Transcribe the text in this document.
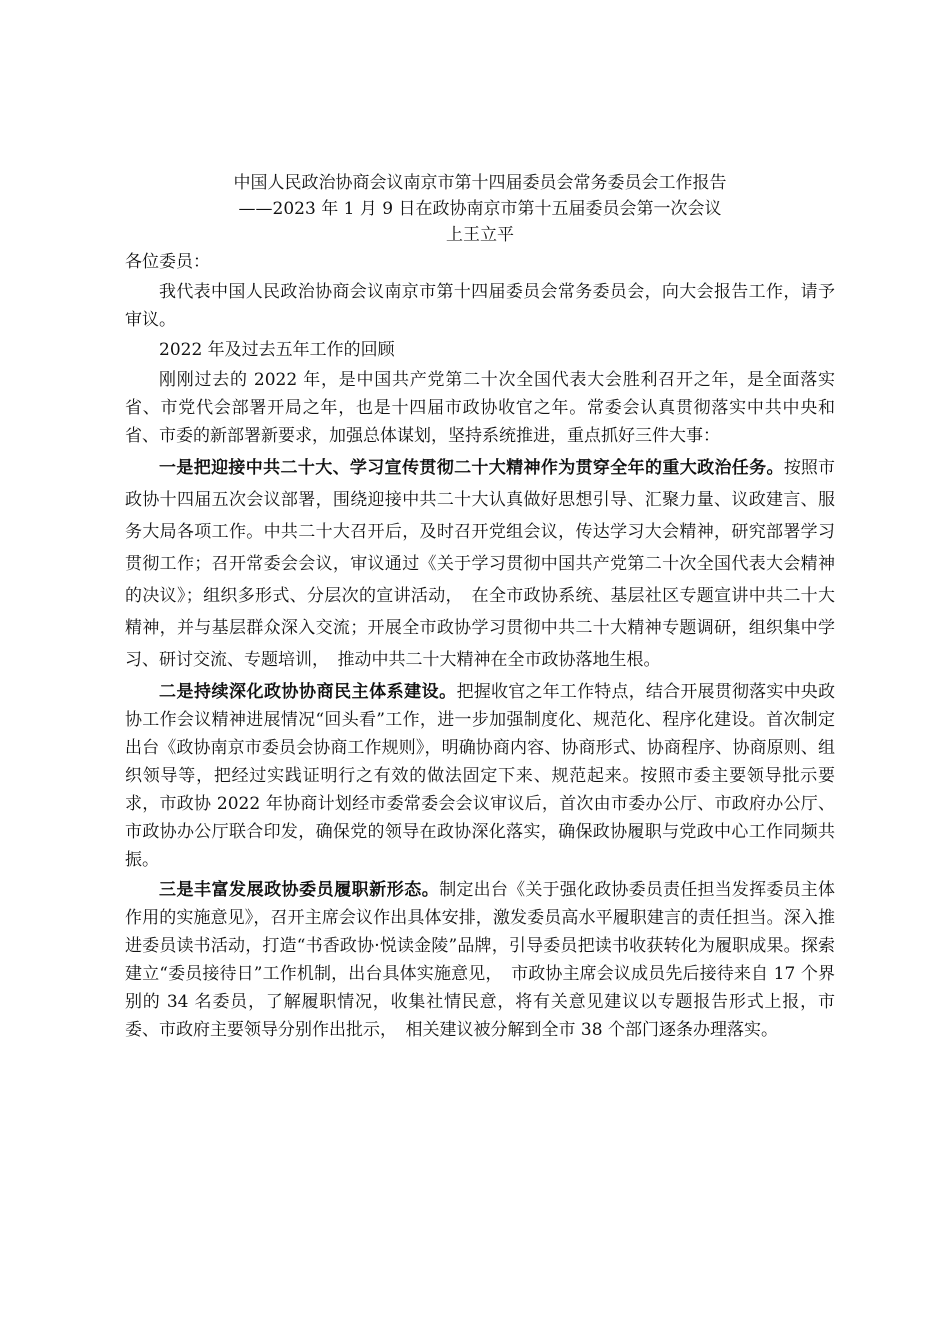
中国人民政治协商会议南京市第十四届委员会常务委员会工作报告
——2023 年 1 月 9 日在政协南京市第十五届委员会第一次会议
上王立平
各位委员：

我代表中国人民政治协商会议南京市第十四届委员会常务委员会，向大会报告工作，请予审议。

2022 年及过去五年工作的回顾

刚刚过去的 2022 年，是中国共产党第二十次全国代表大会胜利召开之年，是全面落实省、市党代会部署开局之年，也是十四届市政协收官之年。常委会认真贯彻落实中共中央和省、市委的新部署新要求，加强总体谋划，坚持系统推进，重点抓好三件大事：

一是把迎接中共二十大、学习宣传贯彻二十大精神作为贯穿全年的重大政治任务。按照市政协十四届五次会议部署，围绕迎接中共二十大认真做好思想引导、汇聚力量、议政建言、服务大局各项工作。中共二十大召开后，及时召开党组会议，传达学习大会精神，研究部署学习贯彻工作；召开常委会会议，审议通过《关于学习贯彻中国共产党第二十次全国代表大会精神的决议》；组织多形式、分层次的宣讲活动，　在全市政协系统、基层社区专题宣讲中共二十大精神，并与基层群众深入交流；开展全市政协学习贯彻中共二十大精神专题调研，组织集中学习、研讨交流、专题培训，　推动中共二十大精神在全市政协落地生根。

二是持续深化政协协商民主体系建设。把握收官之年工作特点，结合开展贯彻落实中央政协工作会议精神进展情况“回头看”工作，进一步加强制度化、规范化、程序化建设。首次制定出台《政协南京市委员会协商工作规则》，明确协商内容、协商形式、协商程序、协商原则、组织领导等，把经过实践证明行之有效的做法固定下来、规范起来。按照市委主要领导批示要求，市政协 2022 年协商计划经市委常委会会议审议后，首次由市委办公厅、市政府办公厅、市政协办公厅联合印发，确保党的领导在政协深化落实，确保政协履职与党政中心工作同频共振。

三是丰富发展政协委员履职新形态。制定出台《关于强化政协委员责任担当发挥委员主体作用的实施意见》，召开主席会议作出具体安排，激发委员高水平履职建言的责任担当。深入推进委员读书活动，打造“书香政协·悦读金陵”品牌，引导委员把读书收获转化为履职成果。探索建立“委员接待日”工作机制，出台具体实施意见，　市政协主席会议成员先后接待来自 17 个界别的 34 名委员，了解履职情况，收集社情民意，将有关意见建议以专题报告形式上报，市委、市政府主要领导分别作出批示，　相关建议被分解到全市 38 个部门逐条办理落实。
